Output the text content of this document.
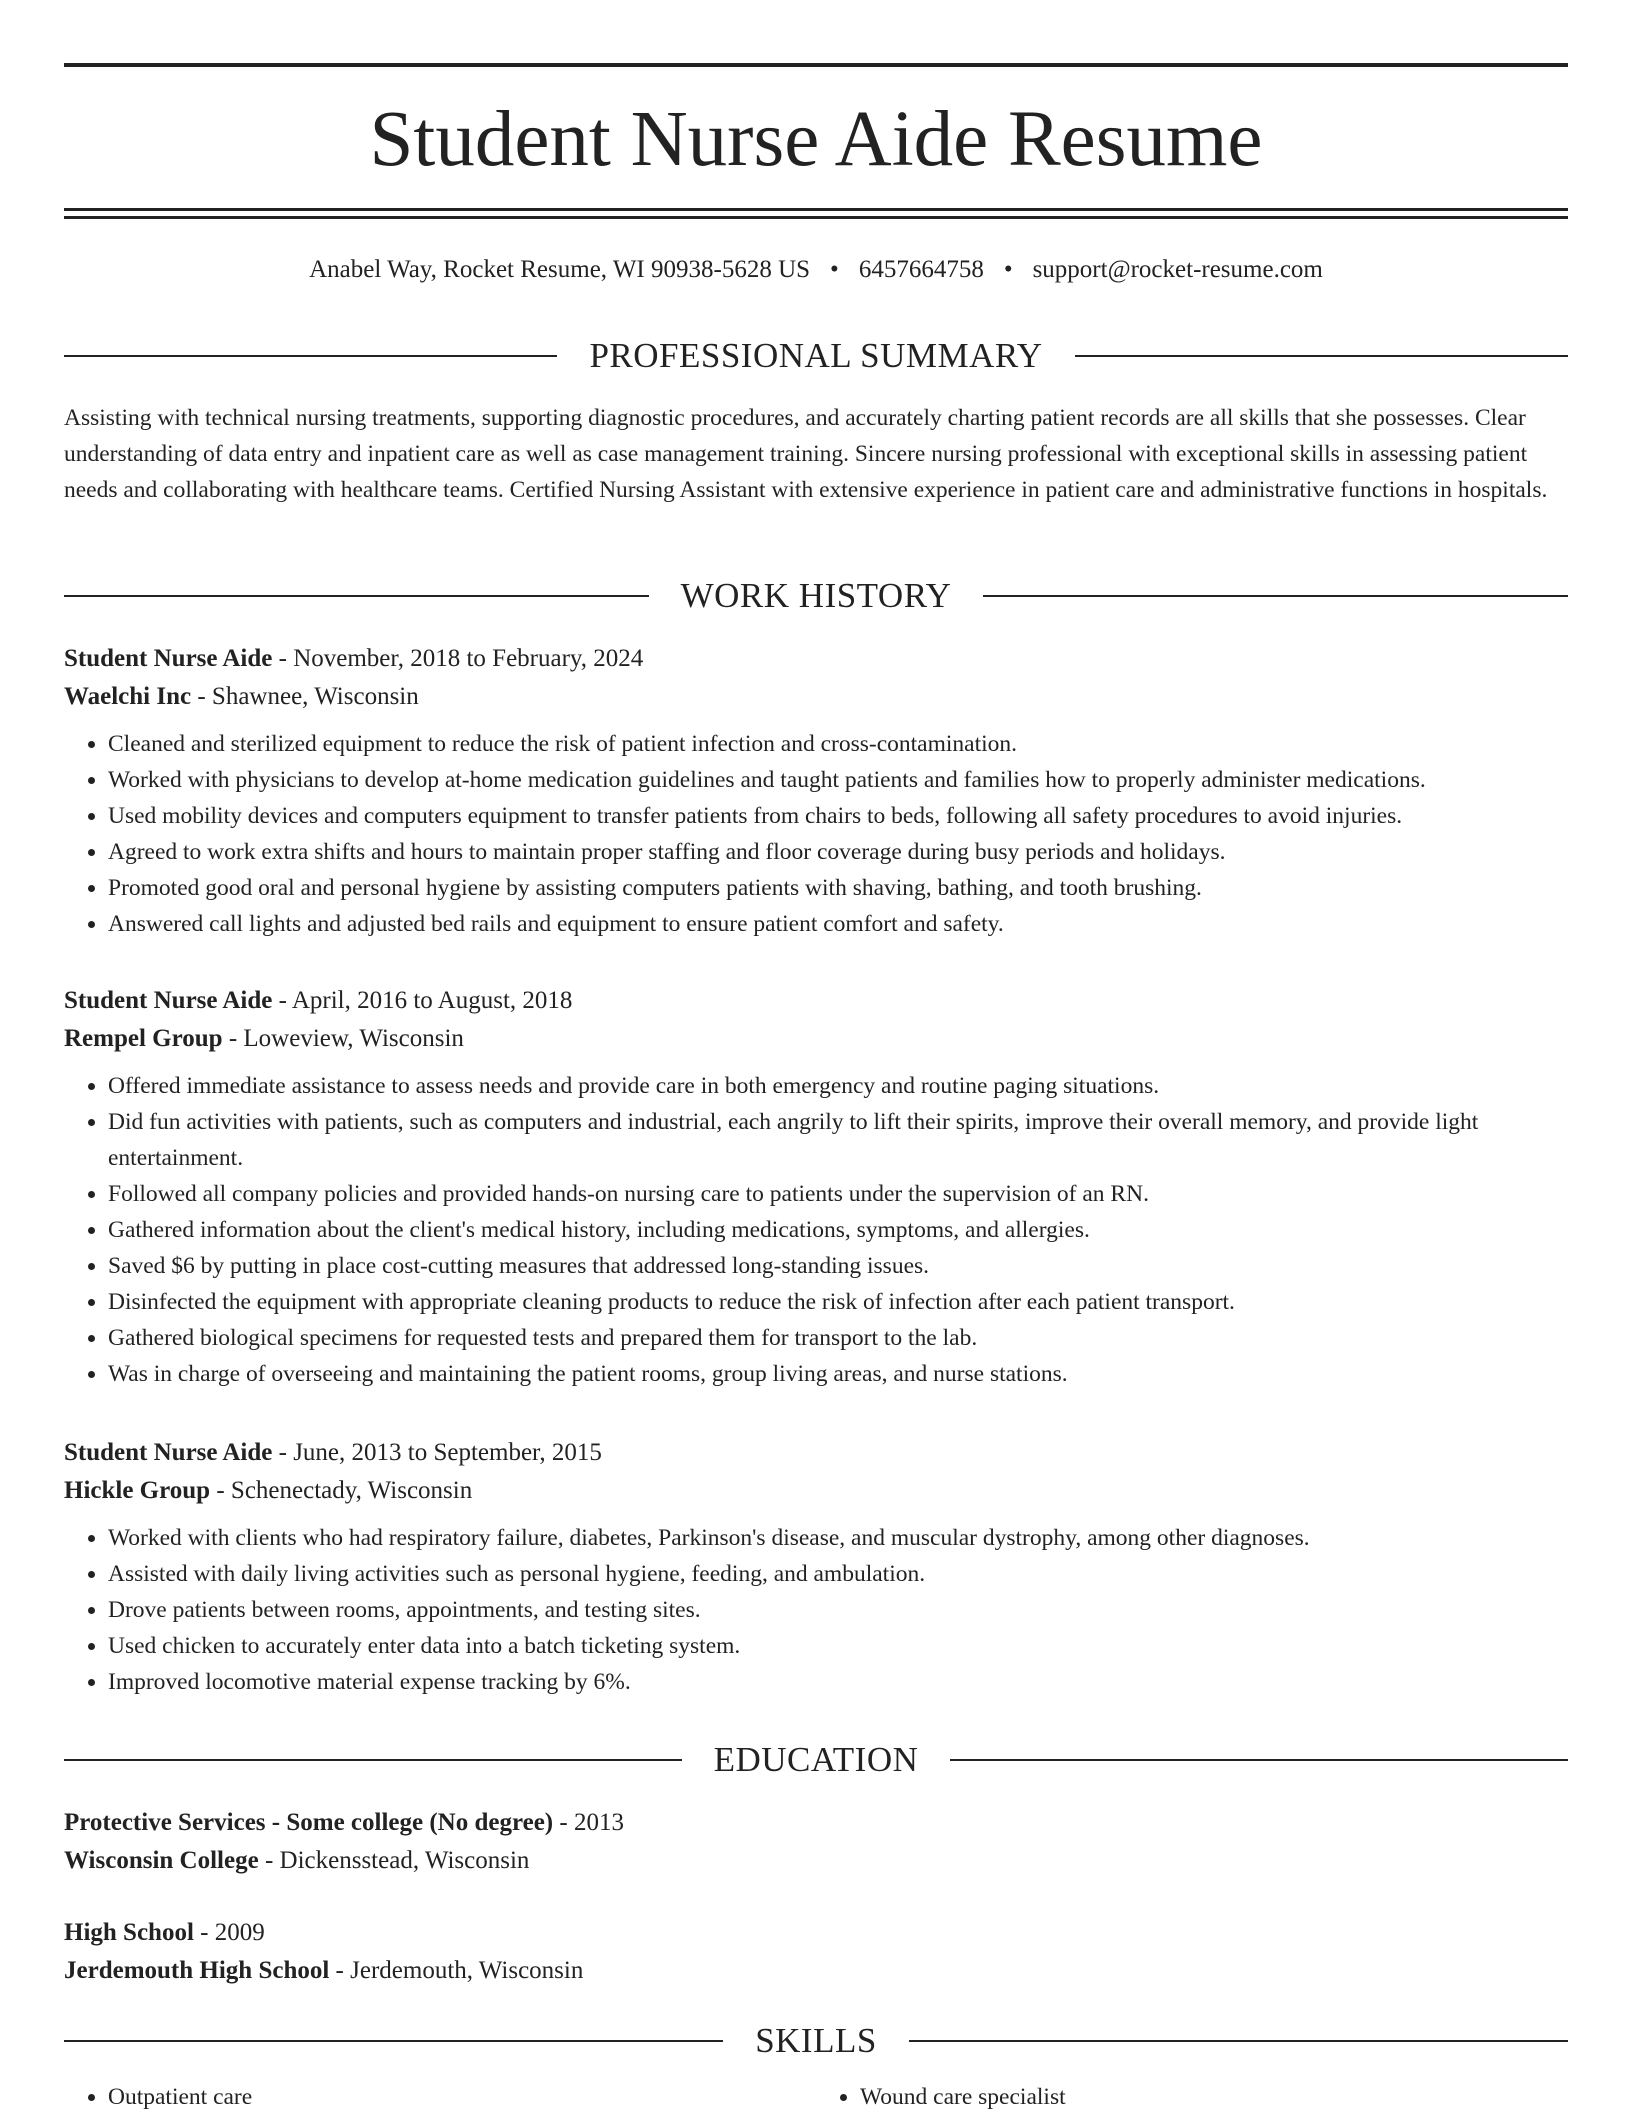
Student Nurse Aide Resume
Anabel Way, Rocket Resume, WI 90938-5628 US • 6457664758 • support@rocket-resume.com
PROFESSIONAL SUMMARY

Assisting with technical nursing treatments, supporting diagnostic procedures, and accurately charting patient records are all skills that she possesses. Clear understanding of data entry and inpatient care as well as case management training. Sincere nursing professional with exceptional skills in assessing patient needs and collaborating with healthcare teams. Certified Nursing Assistant with extensive experience in patient care and administrative functions in hospitals.

WORK HISTORY
Student Nurse Aide - November, 2018 to February, 2024
Waelchi Inc - Shawnee, Wisconsin
• Cleaned and sterilized equipment to reduce the risk of patient infection and cross-contamination.
• Worked with physicians to develop at-home medication guidelines and taught patients and families how to properly administer medications.
• Used mobility devices and computers equipment to transfer patients from chairs to beds, following all safety procedures to avoid injuries.
• Agreed to work extra shifts and hours to maintain proper staffing and floor coverage during busy periods and holidays.
• Promoted good oral and personal hygiene by assisting computers patients with shaving, bathing, and tooth brushing.
• Answered call lights and adjusted bed rails and equipment to ensure patient comfort and safety.
Student Nurse Aide - April, 2016 to August, 2018
Rempel Group - Loweview, Wisconsin
• Offered immediate assistance to assess needs and provide care in both emergency and routine paging situations.
• Did fun activities with patients, such as computers and industrial, each angrily to lift their spirits, improve their overall memory, and provide light entertainment.
• Followed all company policies and provided hands-on nursing care to patients under the supervision of an RN.
• Gathered information about the client's medical history, including medications, symptoms, and allergies.
• Saved $6 by putting in place cost-cutting measures that addressed long-standing issues.
• Disinfected the equipment with appropriate cleaning products to reduce the risk of infection after each patient transport.
• Gathered biological specimens for requested tests and prepared them for transport to the lab.
• Was in charge of overseeing and maintaining the patient rooms, group living areas, and nurse stations.
Student Nurse Aide - June, 2013 to September, 2015
Hickle Group - Schenectady, Wisconsin
• Worked with clients who had respiratory failure, diabetes, Parkinson's disease, and muscular dystrophy, among other diagnoses.
• Assisted with daily living activities such as personal hygiene, feeding, and ambulation.
• Drove patients between rooms, appointments, and testing sites.
• Used chicken to accurately enter data into a batch ticketing system.
• Improved locomotive material expense tracking by 6%.
EDUCATION
Protective Services - Some college (No degree) - 2013
Wisconsin College - Dickensstead, Wisconsin
High School - 2009
Jerdemouth High School - Jerdemouth, Wisconsin
SKILLS
• Outpatient care
•	Wound care specialist
